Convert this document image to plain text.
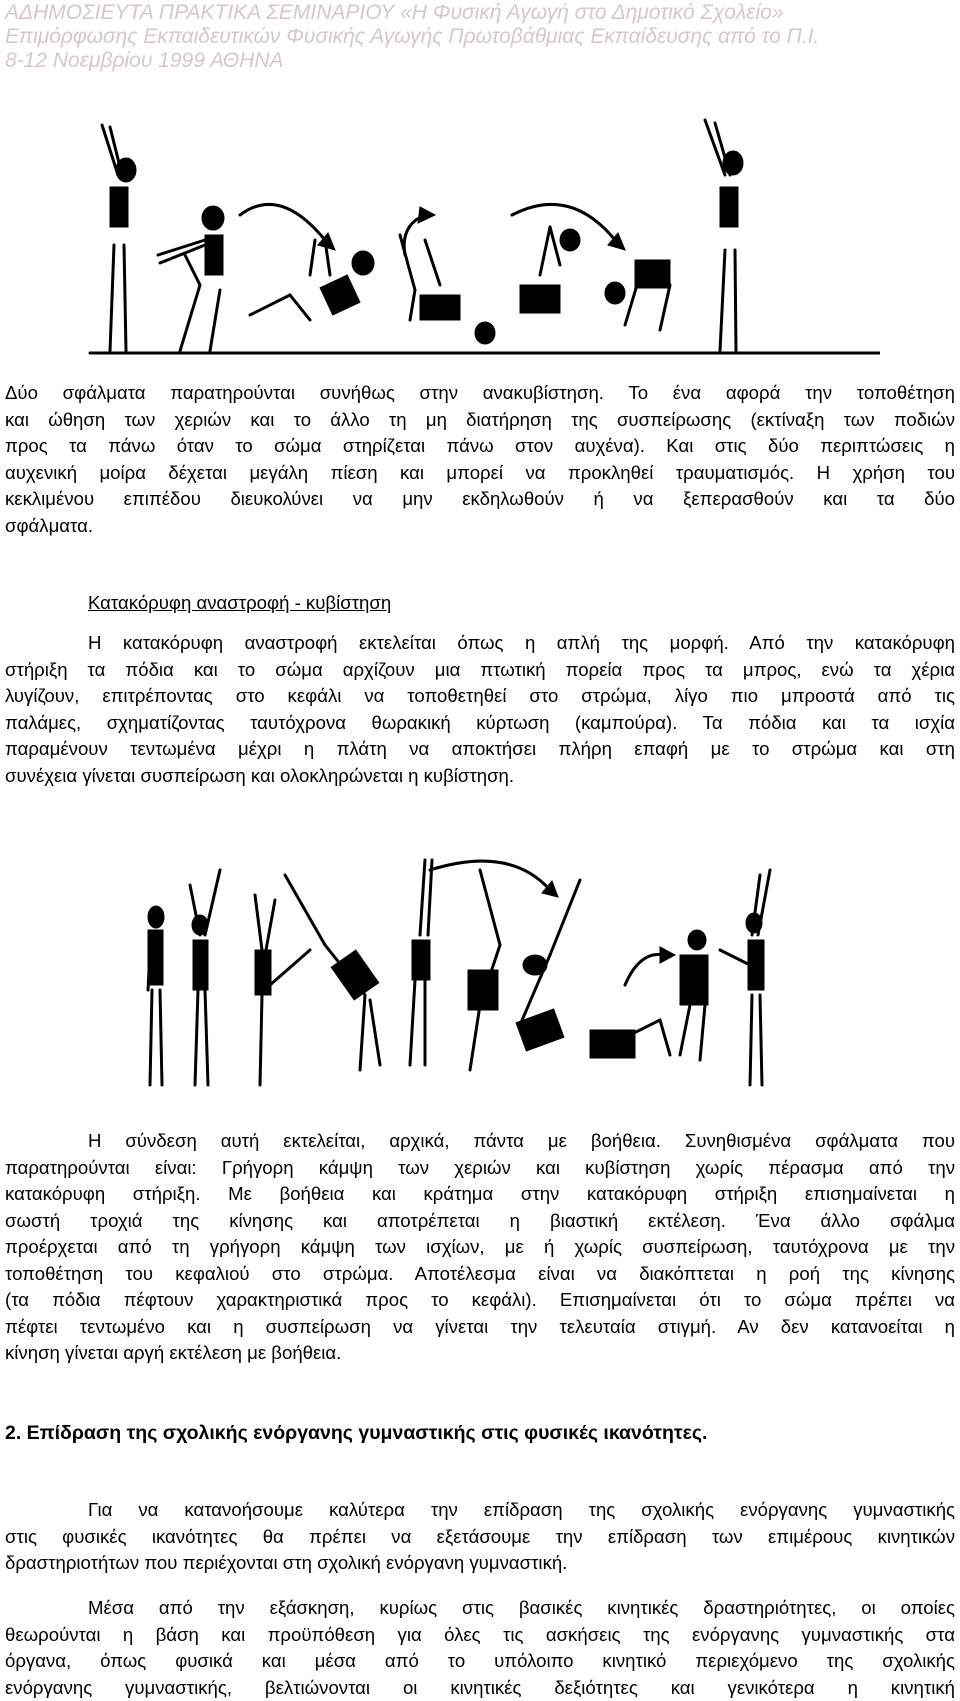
ΑΔΗΜΟΣΙΕΥΤΑ ΠΡΑΚΤΙΚΑ ΣΕΜΙΝΑΡΙΟΥ «Η Φυσική Αγωγή στο Δημοτικό Σχολείο»
Επιμόρφωσης Εκπαιδευτικών Φυσικής Αγωγής Πρωτοβάθμιας Εκπαίδευσης από το Π.Ι.
8-12 Νοεμβρίου 1999 ΑΘΗΝΑ
Δύο σφάλματα παρατηρούνται συνήθως στην ανακυβίστηση. Το ένα αφορά την τοποθέτηση
και ώθηση των χεριών και το άλλο τη μη διατήρηση της συσπείρωσης (εκτίναξη των ποδιών
προς τα πάνω όταν το σώμα στηρίζεται πάνω στον αυχένα). Και στις δύο περιπτώσεις η
αυχενική μοίρα δέχεται μεγάλη πίεση και μπορεί να προκληθεί τραυματισμός. Η χρήση του
κεκλιμένου επιπέδου διευκολύνει να μην εκδηλωθούν ή να ξεπερασθούν και τα δύο
σφάλματα.
Κατακόρυφη αναστροφή - κυβίστηση
Η κατακόρυφη αναστροφή εκτελείται όπως η απλή της μορφή. Από την κατακόρυφη
στήριξη τα πόδια και το σώμα αρχίζουν μια πτωτική πορεία προς τα μπρος, ενώ τα χέρια
λυγίζουν, επιτρέποντας στο κεφάλι να τοποθετηθεί στο στρώμα, λίγο πιο μπροστά από τις
παλάμες, σχηματίζοντας ταυτόχρονα θωρακική κύρτωση (καμπούρα). Τα πόδια και τα ισχία
παραμένουν τεντωμένα μέχρι η πλάτη να αποκτήσει πλήρη επαφή με το στρώμα και στη
συνέχεια γίνεται συσπείρωση και ολοκληρώνεται η κυβίστηση.
Η σύνδεση αυτή εκτελείται, αρχικά, πάντα με βοήθεια. Συνηθισμένα σφάλματα που
παρατηρούνται είναι: Γρήγορη κάμψη των χεριών και κυβίστηση χωρίς πέρασμα από την
κατακόρυφη στήριξη. Με βοήθεια και κράτημα στην κατακόρυφη στήριξη επισημαίνεται η
σωστή τροχιά της κίνησης και αποτρέπεται η βιαστική εκτέλεση. Ένα άλλο σφάλμα
προέρχεται από τη γρήγορη κάμψη των ισχίων, με ή χωρίς συσπείρωση, ταυτόχρονα με την
τοποθέτηση του κεφαλιού στο στρώμα. Αποτέλεσμα είναι να διακόπτεται η ροή της κίνησης
(τα πόδια πέφτουν χαρακτηριστικά προς το κεφάλι). Επισημαίνεται ότι το σώμα πρέπει να
πέφτει τεντωμένο και η συσπείρωση να γίνεται την τελευταία στιγμή. Αν δεν κατανοείται η
κίνηση γίνεται αργή εκτέλεση με βοήθεια.
2. Επίδραση της σχολικής ενόργανης γυμναστικής στις φυσικές ικανότητες.
Για να κατανοήσουμε καλύτερα την επίδραση της σχολικής ενόργανης γυμναστικής
στις φυσικές ικανότητες θα πρέπει να εξετάσουμε την επίδραση των επιμέρους κινητικών
δραστηριοτήτων που περιέχονται στη σχολική ενόργανη γυμναστική.
Μέσα από την εξάσκηση, κυρίως στις βασικές κινητικές δραστηριότητες, οι οποίες
θεωρούνται η βάση και προϋπόθεση για όλες τις ασκήσεις της ενόργανης γυμναστικής στα
όργανα, όπως φυσικά και μέσα από το υπόλοιπο κινητικό περιεχόμενο της σχολικής
ενόργανης γυμναστικής, βελτιώνονται οι κινητικές δεξιότητες και γενικότερα η κινητική
